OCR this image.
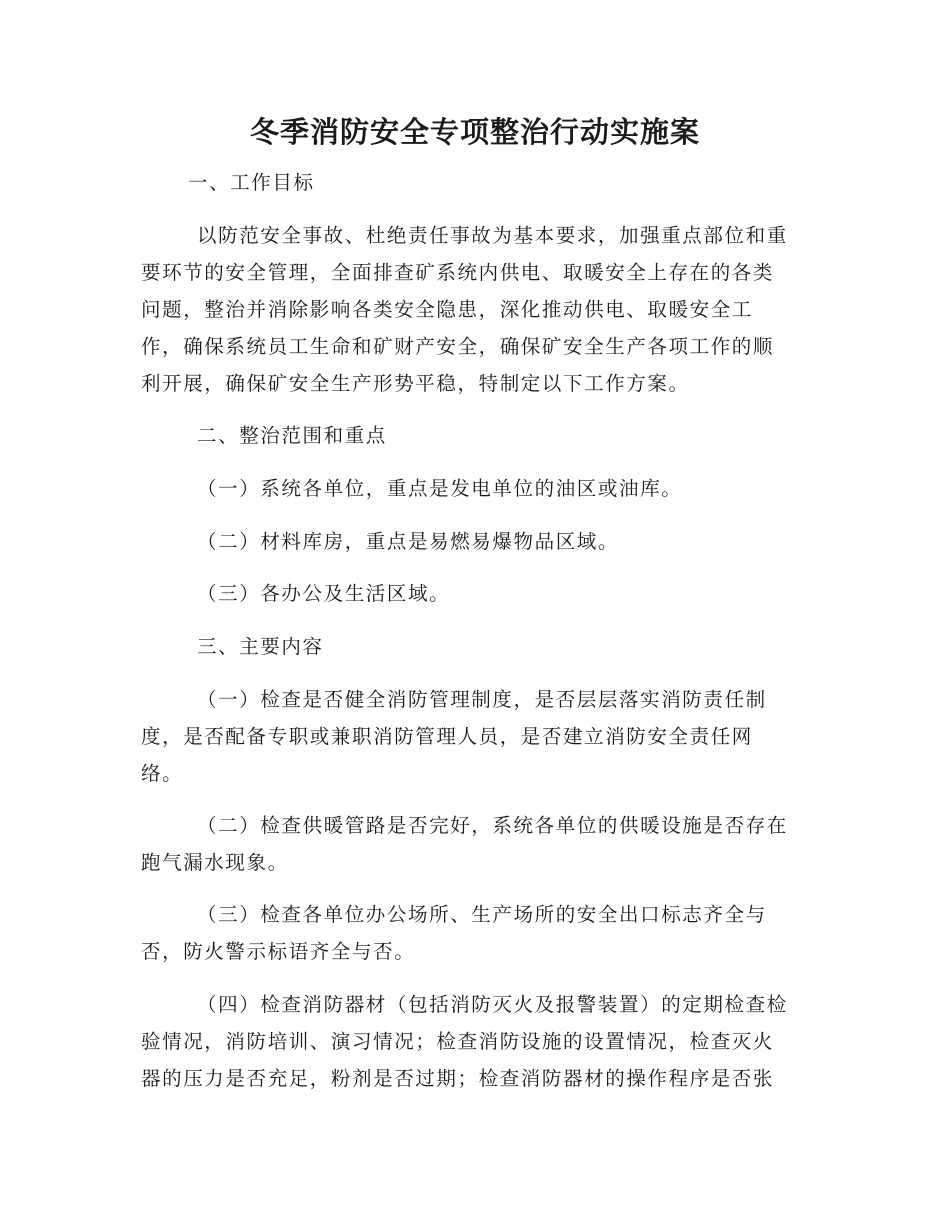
冬季消防安全专项整治行动实施案

一、工作目标

以防范安全事故、杜绝责任事故为基本要求，加强重点部位和重

要环节的安全管理，全面排查矿系统内供电、取暖安全上存在的各类

问题，整治并消除影响各类安全隐患，深化推动供电、取暖安全工

作，确保系统员工生命和矿财产安全，确保矿安全生产各项工作的顺

利开展，确保矿安全生产形势平稳，特制定以下工作方案。

二、整治范围和重点

（一）系统各单位，重点是发电单位的油区或油库。

（二）材料库房，重点是易燃易爆物品区域。

（三）各办公及生活区域。

三、主要内容

（一）检查是否健全消防管理制度，是否层层落实消防责任制

度，是否配备专职或兼职消防管理人员，是否建立消防安全责任网

络。

（二）检查供暖管路是否完好，系统各单位的供暖设施是否存在

跑气漏水现象。

（三）检查各单位办公场所、生产场所的安全出口标志齐全与

否，防火警示标语齐全与否。

（四）检查消防器材（包括消防灭火及报警装置）的定期检查检

验情况，消防培训、演习情况；检查消防设施的设置情况，检查灭火

器的压力是否充足，粉剂是否过期；检查消防器材的操作程序是否张
